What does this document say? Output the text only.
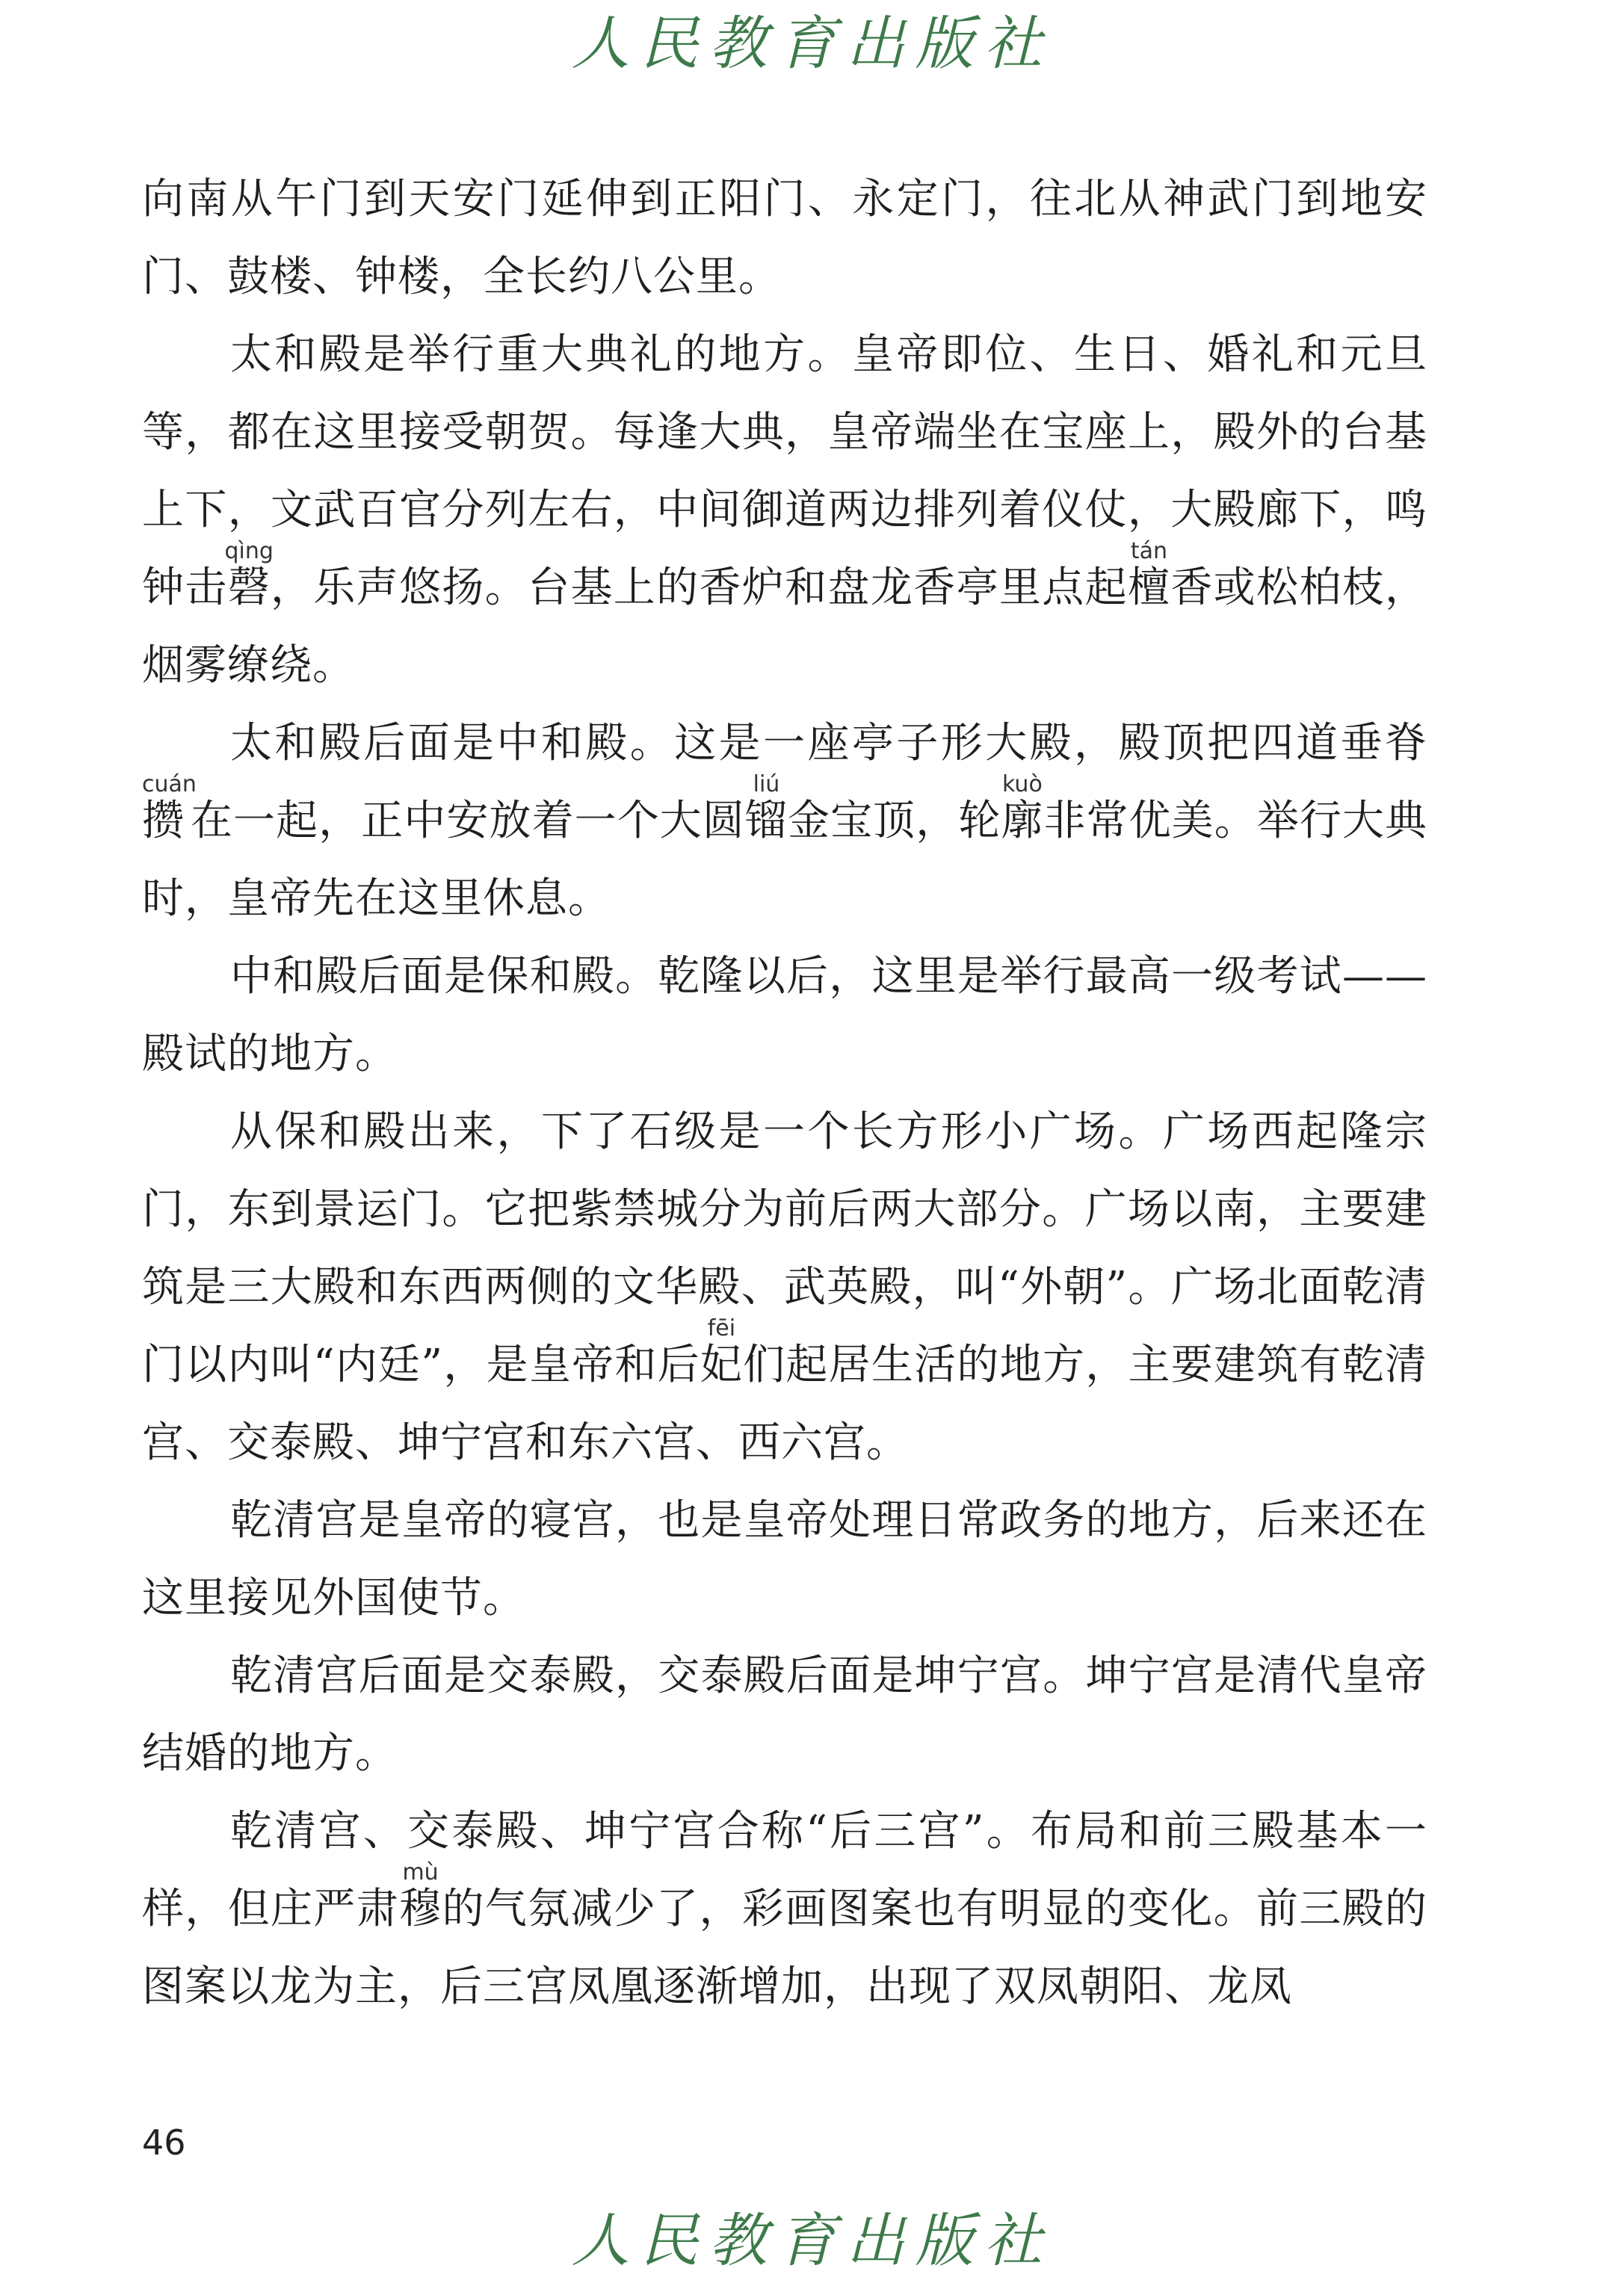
人民教育出版社

向南从午门到天安门延伸到正阳门、永定门，往北从神武门到地安门、鼓楼、钟楼，全长约八公里。

太和殿是举行重大典礼的地方。皇帝即位、生日、婚礼和元旦等，都在这里接受朝贺。每逢大典，皇帝端坐在宝座上，殿外的台基上下，文武百官分列左右，中间御道两边排列着仪仗，大殿廊下，鸣钟击磬qìng，乐声悠扬。台基上的香炉和盘龙香亭里点起檀tán香或松柏枝，烟雾缭绕。

太和殿后面是中和殿。这是一座亭子形大殿，殿顶把四道垂脊攒cuán在一起，正中安放着一个大圆镏liú金宝顶，轮廓kuò非常优美。举行大典时，皇帝先在这里休息。

中和殿后面是保和殿。乾隆以后，这里是举行最高一级考试——殿试的地方。

从保和殿出来，下了石级是一个长方形小广场。广场西起隆宗门，东到景运门。它把紫禁城分为前后两大部分。广场以南，主要建筑是三大殿和东西两侧的文华殿、武英殿，叫“外朝”。广场北面乾清门以内叫“内廷”，是皇帝和后妃fēi们起居生活的地方，主要建筑有乾清宫、交泰殿、坤宁宫和东六宫、西六宫。

乾清宫是皇帝的寝宫，也是皇帝处理日常政务的地方，后来还在这里接见外国使节。

乾清宫后面是交泰殿，交泰殿后面是坤宁宫。坤宁宫是清代皇帝结婚的地方。

乾清宫、交泰殿、坤宁宫合称“后三宫”。布局和前三殿基本一样，但庄严肃穆mù的气氛减少了，彩画图案也有明显的变化。前三殿的图案以龙为主，后三宫凤凰逐渐增加，出现了双凤朝阳、龙凤

46
人民教育出版社
